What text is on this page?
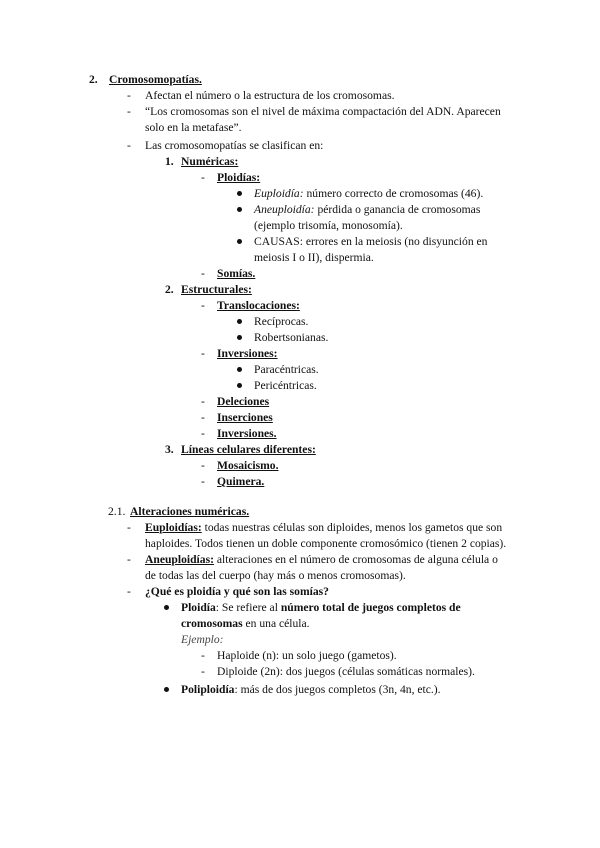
2. Cromosomopatías.
- Afectan el número o la estructura de los cromosomas.
- “Los cromosomas son el nivel de máxima compactación del ADN. Aparecen
solo en la metafase”.
- Las cromosomopatías se clasifican en:
1. Numéricas:
- Ploidías:
Euploidía: número correcto de cromosomas (46).
Aneuploidía: pérdida o ganancia de cromosomas
(ejemplo trisomía, monosomía).
CAUSAS: errores en la meiosis (no disyunción en
meiosis I o II), dispermia.
- Somías.
2. Estructurales:
- Translocaciones:
Recíprocas.
Robertsonianas.
- Inversiones:
Paracéntricas.
Pericéntricas.
- Deleciones
- Inserciones
- Inversiones.
3. Líneas celulares diferentes:
- Mosaicismo.
- Quimera.
2.1. Alteraciones numéricas.
- Euploidías: todas nuestras células son diploides, menos los gametos que son
haploides. Todos tienen un doble componente cromosómico (tienen 2 copias).
- Aneuploidías: alteraciones en el número de cromosomas de alguna célula o
de todas las del cuerpo (hay más o menos cromosomas).
- ¿Qué es ploidía y qué son las somías?
Ploidía: Se refiere al número total de juegos completos de
cromosomas en una célula.
Ejemplo:
- Haploide (n): un solo juego (gametos).
- Diploide (2n): dos juegos (células somáticas normales).
Poliploidía: más de dos juegos completos (3n, 4n, etc.).
